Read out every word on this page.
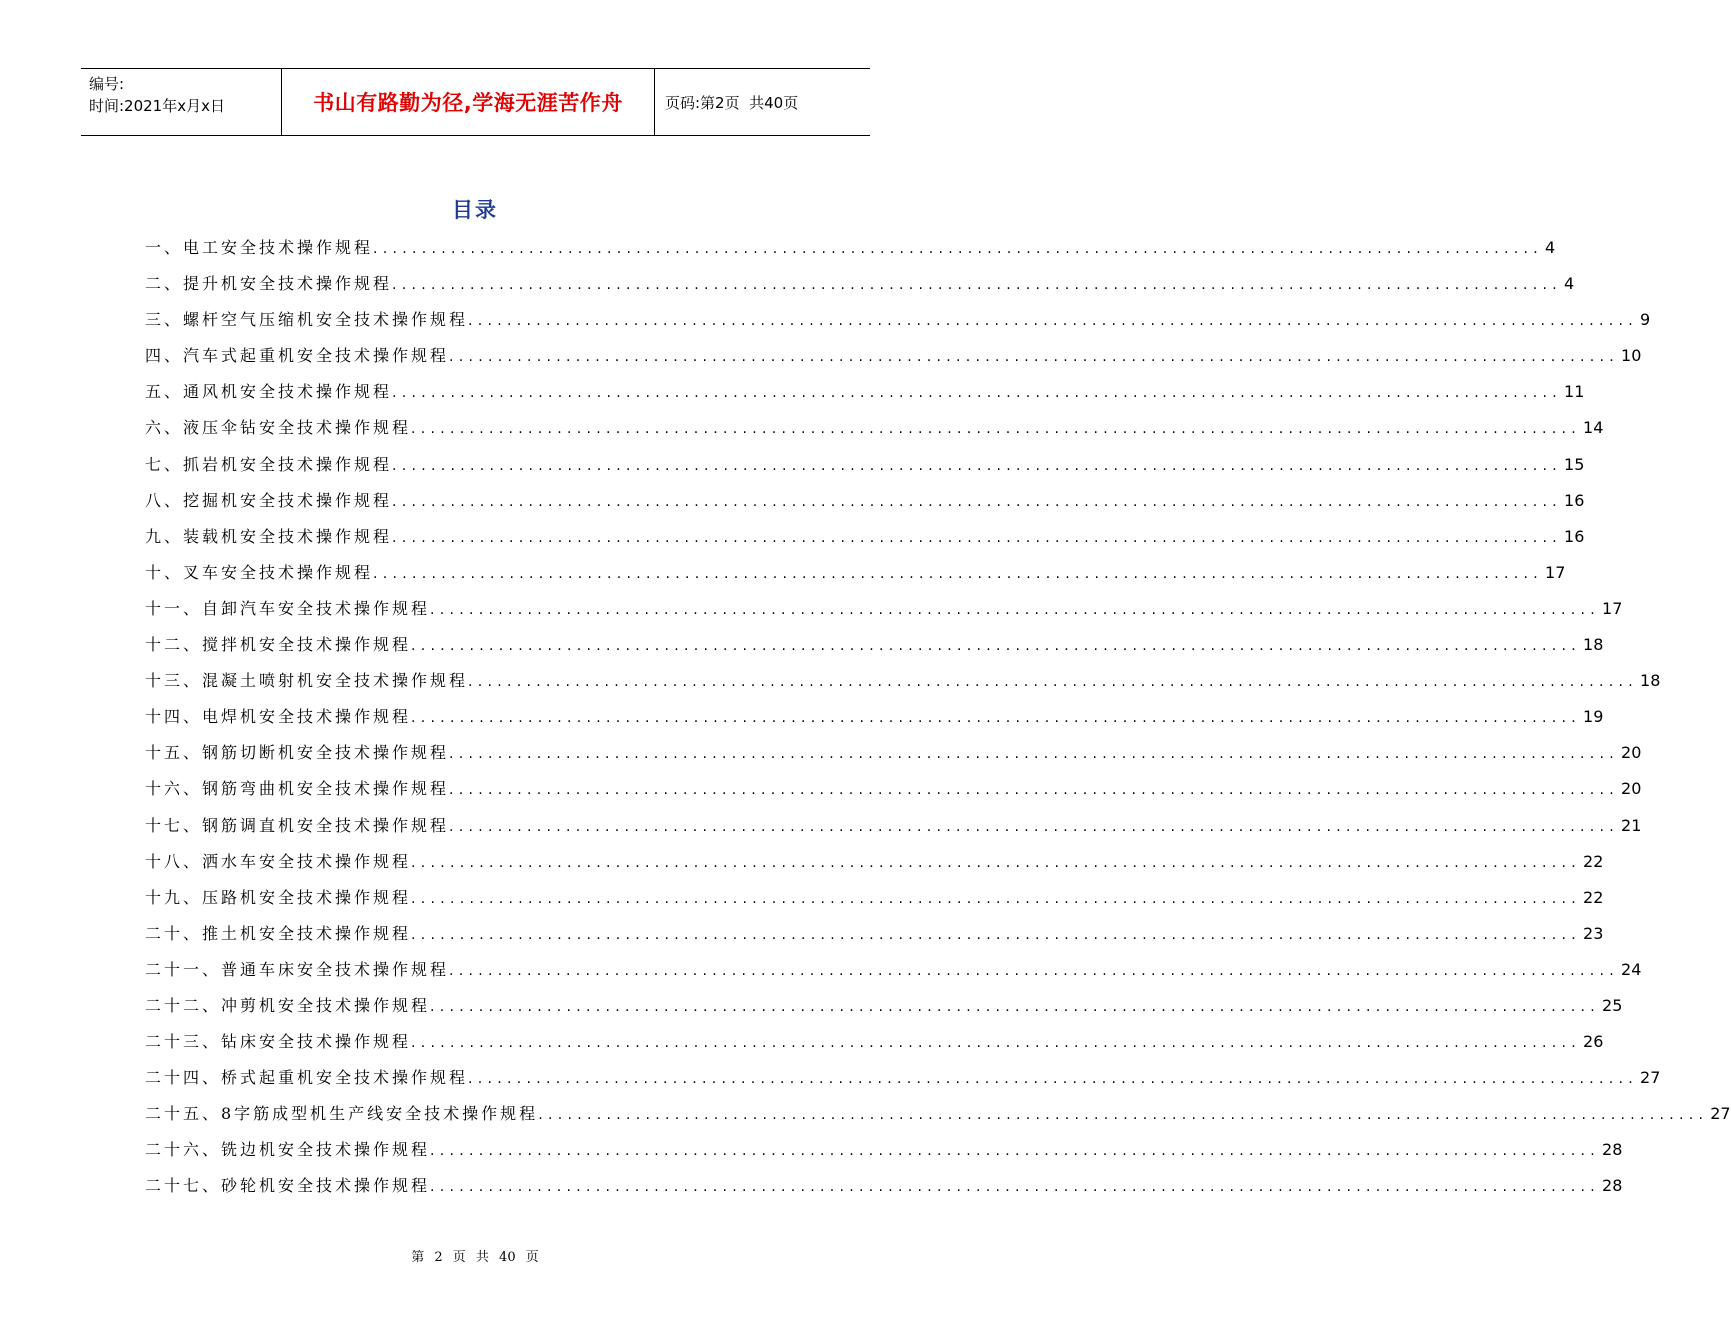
编号:
时间:2021年x月x日	书山有路勤为径,学海无涯苦作舟	页码:第2页  共40页
目录
一、电工安全技术操作规程 ........................................................................................................................ 4
二、提升机安全技术操作规程 ........................................................................................................................ 4
三、螺杆空气压缩机安全技术操作规程 ........................................................................................................................ 9
四、汽车式起重机安全技术操作规程 ........................................................................................................................ 10
五、通风机安全技术操作规程 ........................................................................................................................ 11
六、液压伞钻安全技术操作规程 ........................................................................................................................ 14
七、抓岩机安全技术操作规程 ........................................................................................................................ 15
八、挖掘机安全技术操作规程 ........................................................................................................................ 16
九、装载机安全技术操作规程 ........................................................................................................................ 16
十、叉车安全技术操作规程 ........................................................................................................................ 17
十一、自卸汽车安全技术操作规程 ........................................................................................................................ 17
十二、搅拌机安全技术操作规程 ........................................................................................................................ 18
十三、混凝土喷射机安全技术操作规程 ........................................................................................................................ 18
十四、电焊机安全技术操作规程 ........................................................................................................................ 19
十五、钢筋切断机安全技术操作规程 ........................................................................................................................ 20
十六、钢筋弯曲机安全技术操作规程 ........................................................................................................................ 20
十七、钢筋调直机安全技术操作规程 ........................................................................................................................ 21
十八、洒水车安全技术操作规程 ........................................................................................................................ 22
十九、压路机安全技术操作规程 ........................................................................................................................ 22
二十、推土机安全技术操作规程 ........................................................................................................................ 23
二十一、普通车床安全技术操作规程 ........................................................................................................................ 24
二十二、冲剪机安全技术操作规程 ........................................................................................................................ 25
二十三、钻床安全技术操作规程 ........................................................................................................................ 26
二十四、桥式起重机安全技术操作规程 ........................................................................................................................ 27
二十五、8字筋成型机生产线安全技术操作规程 ........................................................................................................................ 27
二十六、铣边机安全技术操作规程 ........................................................................................................................ 28
二十七、砂轮机安全技术操作规程 ........................................................................................................................ 28
第 2 页 共 40 页
